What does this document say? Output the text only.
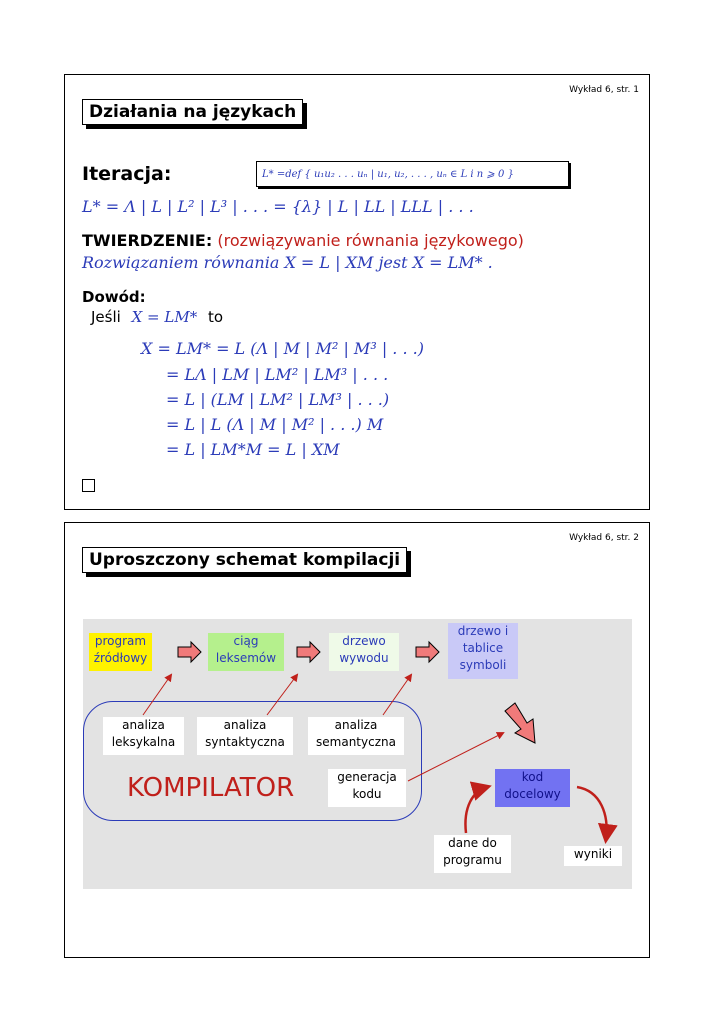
Wykład 6, str. 1
Działania na językach
Iteracja:	L* =def { u₁u₂ . . . uₙ | u₁, u₂, . . . , uₙ ∈ L i n ⩾ 0 }
L* = Λ | L | L² | L³ | . . . = {λ} | L | LL | LLL | . . .
TWIERDZENIE: (rozwiązywanie równania językowego)
Rozwiązaniem równania X = L | XM jest X = LM* .
Dowód:
Jeśli X = LM* to
X = LM* = L (Λ | M | M² | M³ | . . .)
= LΛ | LM | LM² | LM³ | . . .
= L | (LM | LM² | LM³ | . . .)
= L | L (Λ | M | M² | . . .) M
= L | LM*M = L | XM
Wykład 6, str. 2
Uproszczony schemat kompilacji
KOMPILATOR
program
źródłowy
ciąg
leksemów
drzewo
wywodu
drzewo i
tablice
symboli
analiza
leksykalna
analiza
syntaktyczna
analiza
semantyczna
generacja
kodu
kod
docelowy
dane do
programu	wyniki
